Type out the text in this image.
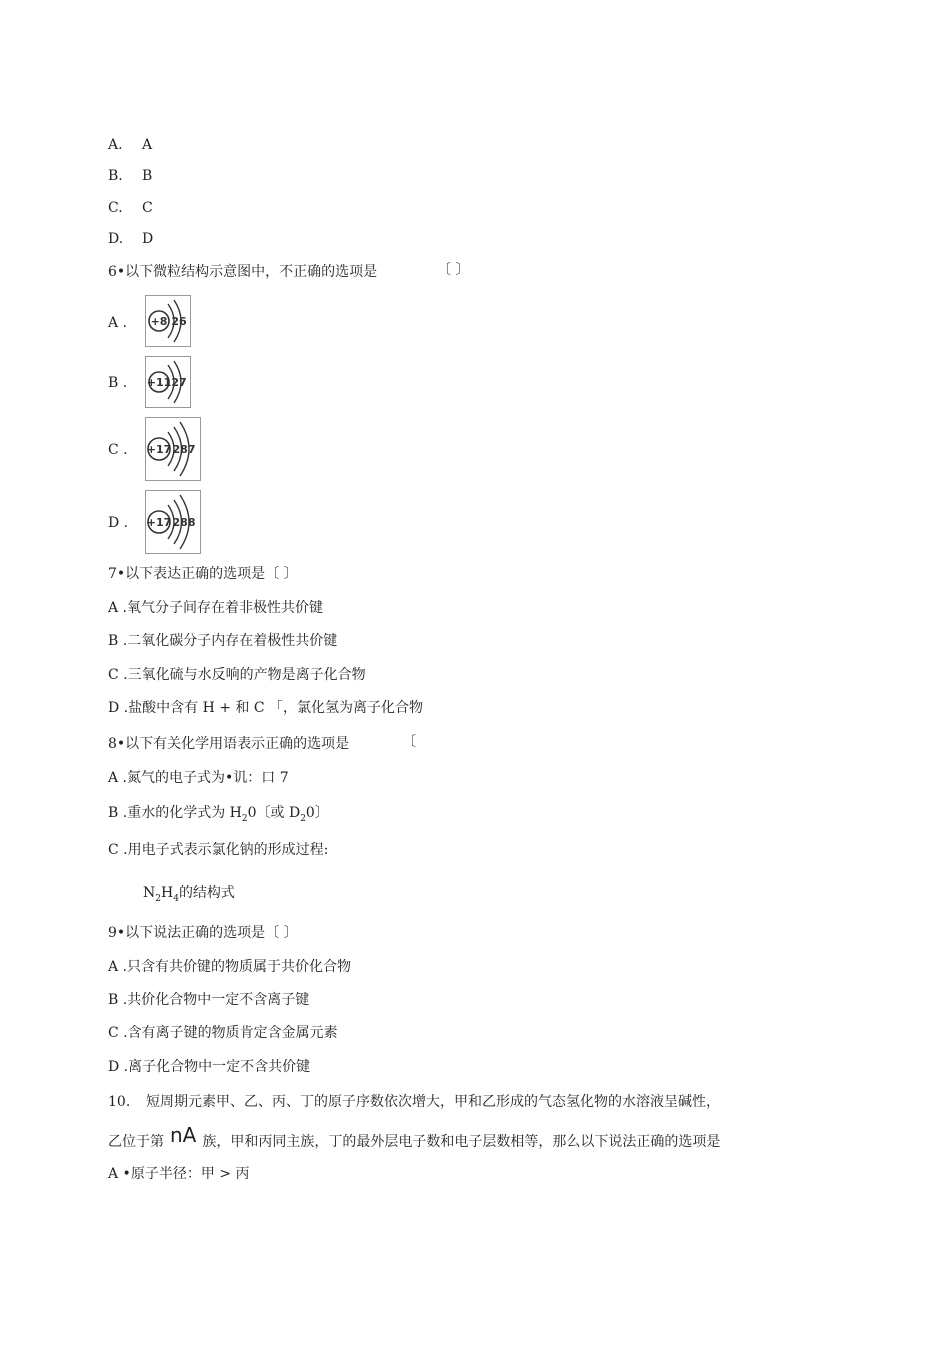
A. A
B. B
C. C
D. D
6•以下微粒结构示意图中，不正确的选项是	〔 〕
A . +8 26
B . +11 27
C . +17 287
D . +17 288
7•以下表达正确的选项是〔 〕
A .氧气分子间存在着非极性共价键
B .二氧化碳分子内存在着极性共价键
C .三氧化硫与水反响的产物是离子化合物
D .盐酸中含有 H + 和 C 「，氯化氢为离子化合物
8•以下有关化学用语表示正确的选项是	〔
A .氮气的电子式为•讥：口 7
B .重水的化学式为 $H_20$〔或 $D_20$〕
C .用电子式表示氯化钠的形成过程:
$N_2H_4$的结构式
9•以下说法正确的选项是〔 〕
A .只含有共价键的物质属于共价化合物
B .共价化合物中一定不含离子键
C .含有离子键的物质肯定含金属元素
D .离子化合物中一定不含共价键
10. 短周期元素甲、乙、丙、丁的原子序数依次增大，甲和乙形成的气态氢化物的水溶液呈碱性，
乙位于第 nA 族，甲和丙同主族，丁的最外层电子数和电子层数相等，那么以下说法正确的选项是
A •原子半径：甲 > 丙
